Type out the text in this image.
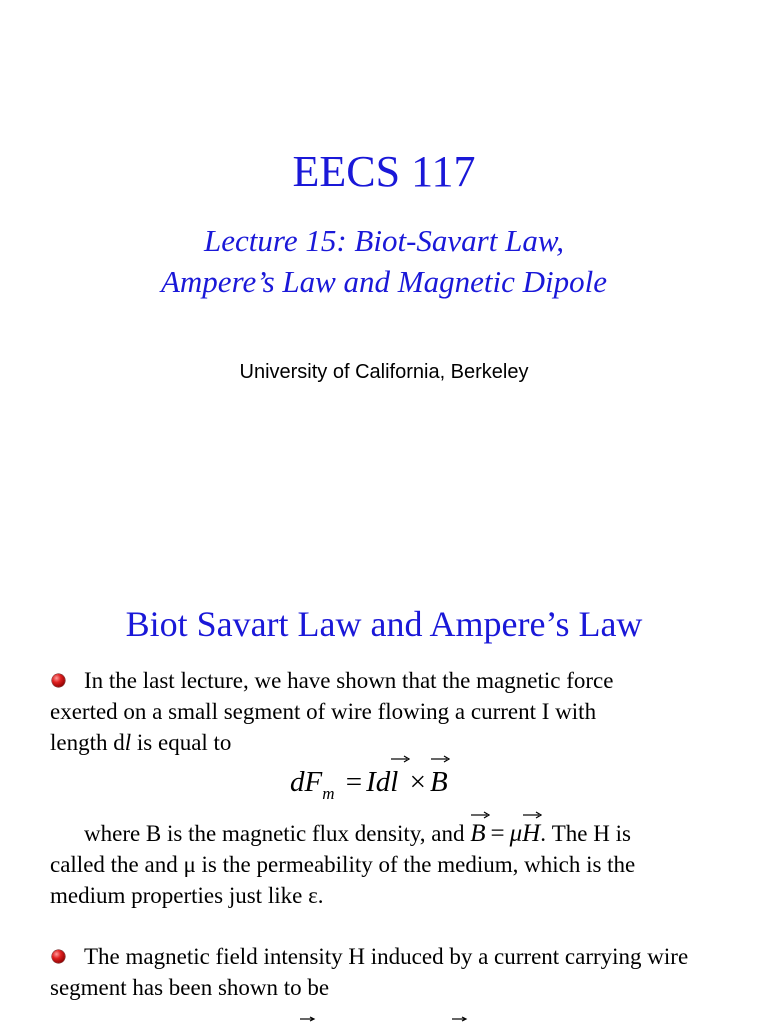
EECS 117
Lecture 15: Biot-Savart Law,
Ampere’s Law and Magnetic Dipole
University of California, Berkeley
Biot Savart Law and Ampere’s Law

In the last lecture, we have shown that the magnetic force
exerted on a small segment of wire flowing a current I with
length dl is equal to

$dF_m$ = Idl × B

where B is the magnetic flux density, and B = μH
. The H is
called the and μ is the permeability of the medium, which is the
medium properties just like ε.

The magnetic field intensity H induced by a current carrying wire
segment has been shown to be
